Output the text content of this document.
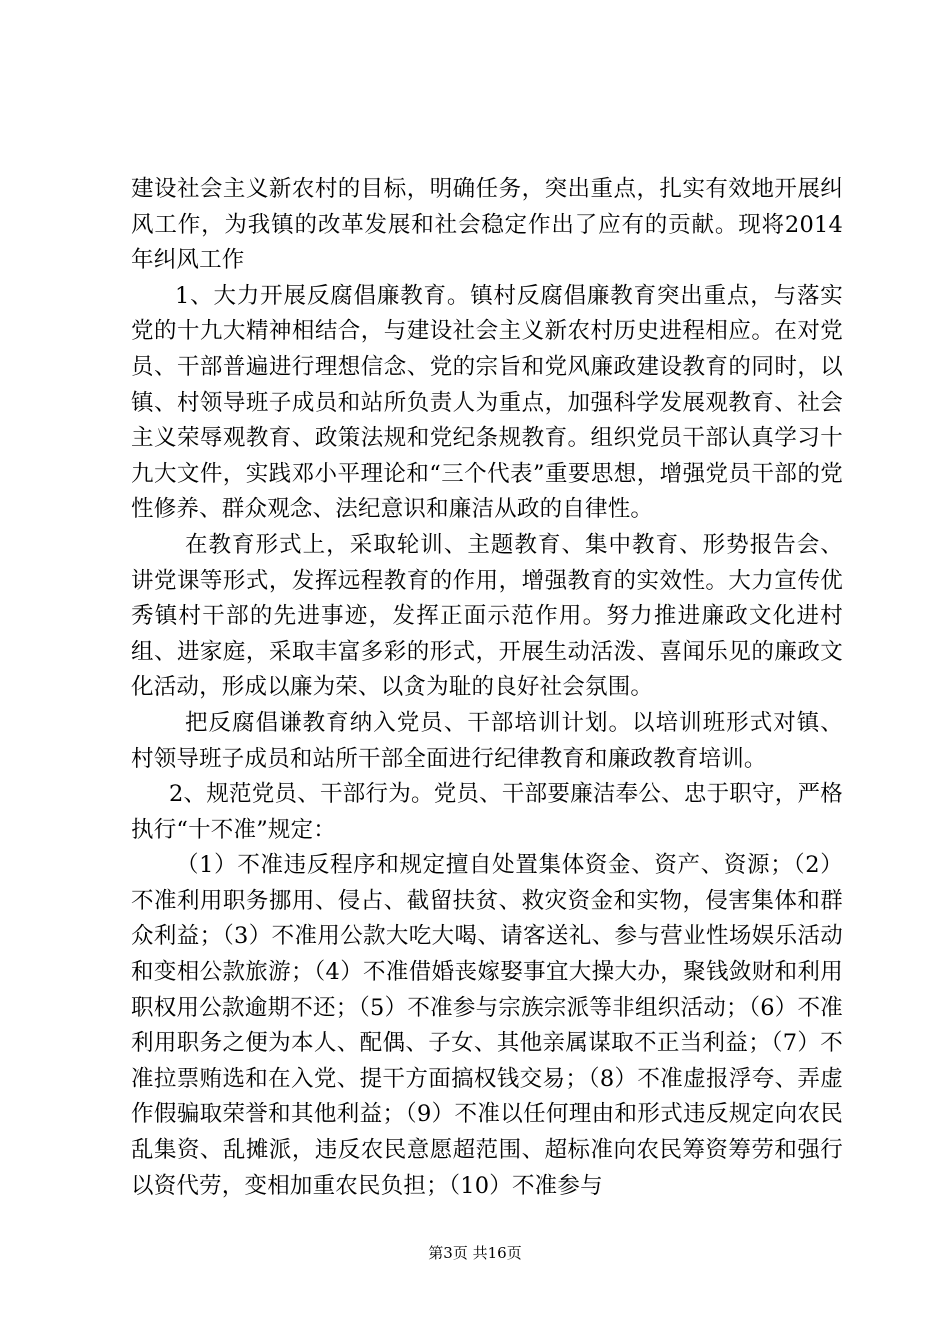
建设社会主义新农村的目标，明确任务，突出重点，扎实有效地开展纠风工作，为我镇的改革发展和社会稳定作出了应有的贡献。现将2014年纠风工作

1、大力开展反腐倡廉教育。镇村反腐倡廉教育突出重点，与落实党的十九大精神相结合，与建设社会主义新农村历史进程相应。在对党员、干部普遍进行理想信念、党的宗旨和党风廉政建设教育的同时，以镇、村领导班子成员和站所负责人为重点，加强科学发展观教育、社会主义荣辱观教育、政策法规和党纪条规教育。组织党员干部认真学习十九大文件，实践邓小平理论和“三个代表”重要思想，增强党员干部的党性修养、群众观念、法纪意识和廉洁从政的自律性。

在教育形式上，采取轮训、主题教育、集中教育、形势报告会、讲党课等形式，发挥远程教育的作用，增强教育的实效性。大力宣传优秀镇村干部的先进事迹，发挥正面示范作用。努力推进廉政文化进村组、进家庭，采取丰富多彩的形式，开展生动活泼、喜闻乐见的廉政文化活动，形成以廉为荣、以贪为耻的良好社会氛围。

把反腐倡谦教育纳入党员、干部培训计划。以培训班形式对镇、村领导班子成员和站所干部全面进行纪律教育和廉政教育培训。

2、规范党员、干部行为。党员、干部要廉洁奉公、忠于职守，严格执行“十不准”规定：

（1）不准违反程序和规定擅自处置集体资金、资产、资源；（2）不准利用职务挪用、侵占、截留扶贫、救灾资金和实物，侵害集体和群众利益；（3）不准用公款大吃大喝、请客送礼、参与营业性场娱乐活动和变相公款旅游；（4）不准借婚丧嫁娶事宜大操大办，聚钱敛财和利用职权用公款逾期不还；（5）不准参与宗族宗派等非组织活动；（6）不准利用职务之便为本人、配偶、子女、其他亲属谋取不正当利益；（7）不准拉票贿选和在入党、提干方面搞权钱交易；（8）不准虚报浮夸、弄虚作假骗取荣誉和其他利益；（9）不准以任何理由和形式违反规定向农民乱集资、乱摊派，违反农民意愿超范围、超标准向农民筹资筹劳和强行以资代劳，变相加重农民负担；（10）不准参与

第3页 共16页
